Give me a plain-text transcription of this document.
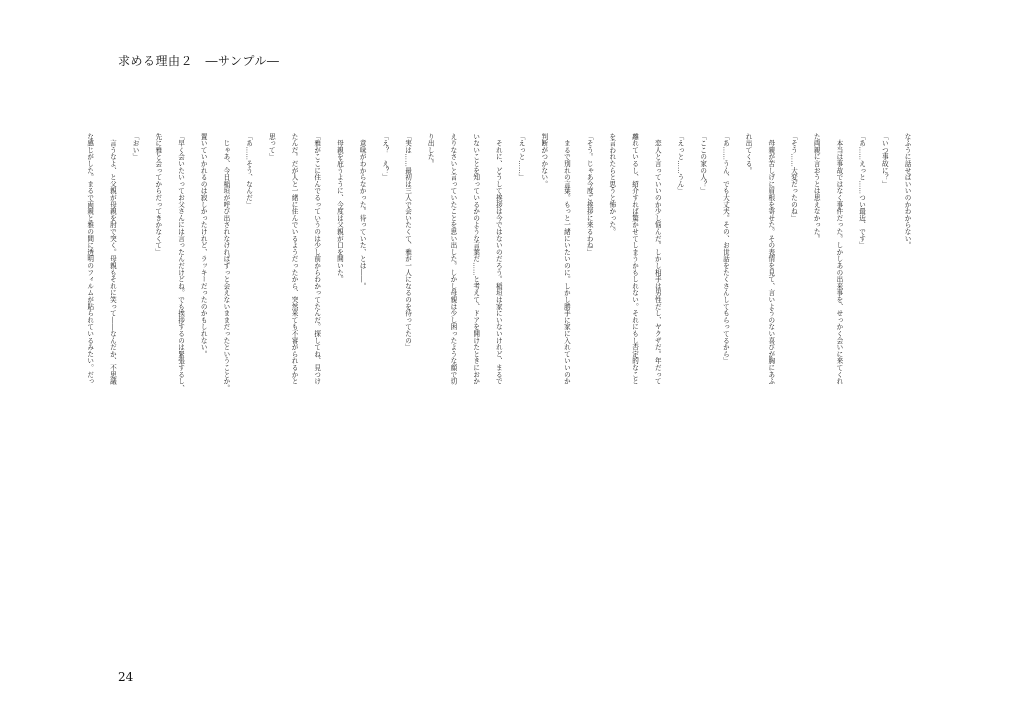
求める理由２　―サンプル―

なふうに話せばいいのかわからない。

「いつ事故に？」

「あ……えっと……つい最近、です」

　本当は事故ではなく事件だった。しかしあの出来事を、せっかく会いに来てくれ

た両親に言おうとは思えなかった。

「そう……大変だったのね」

　母親が苦しげに眉根を寄せた。その表情を見て、言いようのない喜びが胸にあふ

れ出てくる。

「あ……うん、でも大丈夫。その、お世話をたくさんしてもらってるから」

「ここの家の人？」

「えっと……うん」

　恋人と言っていいのか少し悩んだ。しかし相手は男性だし、ヤクザだ。年だって

離れているし、紹介すれば驚かせてしまうかもしれない。それにもし否定的なこと

を言われたらと思うと怖かった。

「そう。じゃあ今度ご挨拶に来るわね」

　まるで別れの言葉。もっと一緒にいたいのに。しかし勝手に家に入れていいのか

判断がつかない。

「えっと……」

　それに、どうして挨拶は今ではないのだろう。稲垣は家にいないけれど、まるで

いないことを知っているかのような言葉だ……と考えて、ドアを開けたときにおか

えりなさいと言っていたことを思い出した。しかし母親は少し困ったような顔で切

り出した。

「実は……最初は三人で会いたくて、雅が一人になるのを待ってたの」

「え？　え？」

　意味がわからなかった。待っていた、とは――。

　母親を庇うように、今度は父親が口を開いた。

「雅がここに住んでるっていうのは少し前からわかってたんだ。探してね、見つけ

たんだ。だが人と一緒に住んでいるようだったから、突然来ても不審がられるかと

思って」

「あ……そう、なんだ」

　じゃあ、今日稲垣が呼び出されなければずっと会えないままだったということか。

置いていかれるのは寂しかったけれど、ラッキーだったのかもしれない。

「早く会いたいってお父さんには言ったんだけどね。でも挨拶するのは緊張するし、

先に雅と会ってからだってきかなくて」

「おい」

　言うなよ、と父親が母親を肘で突く。母親もそれに笑って――なんだか、不思議

な感じがした。まるで両親と雅の間に透明のフィルムが貼られているみたい。だっ

24
